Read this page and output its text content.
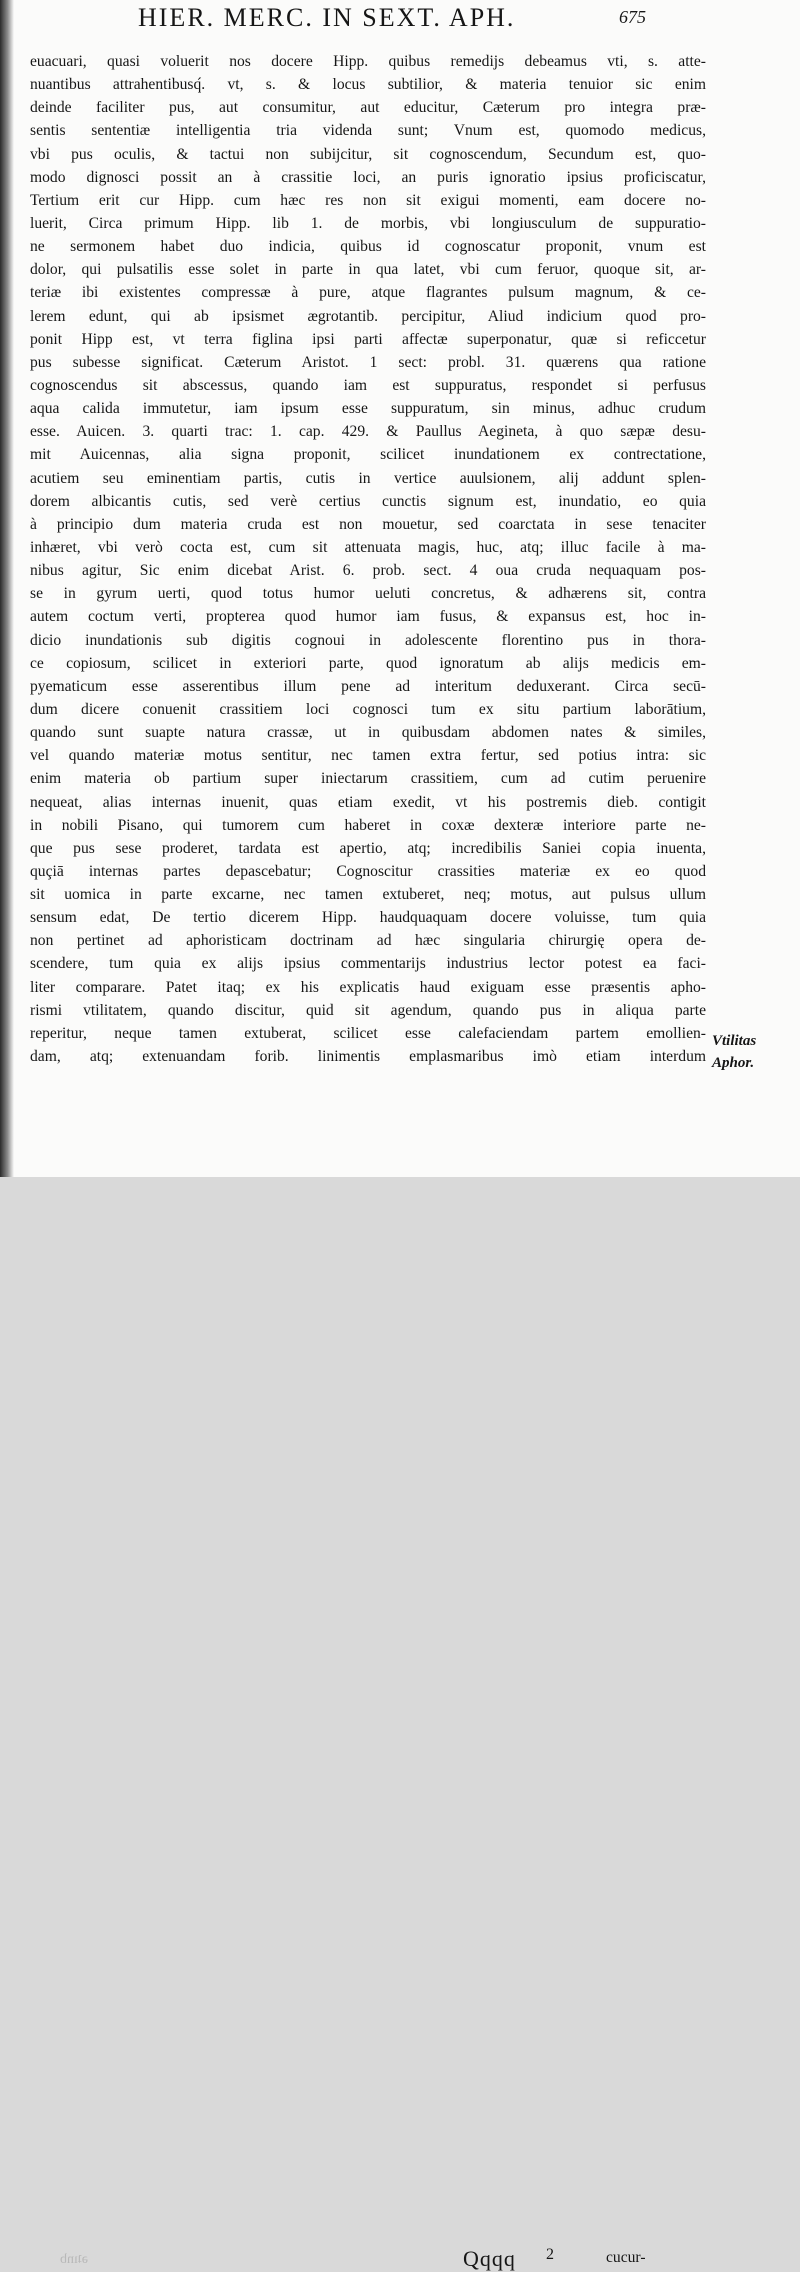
HIER. MERC. IN SEXT. APH.	675
euacuari, quasi voluerit nos docere Hipp. quibus remedijs debeamus vti, s. atte-
nuantibus attrahentibusq́. vt, s. & locus subtilior, & materia tenuior sic enim
deinde faciliter pus, aut consumitur, aut educitur, Cæterum pro integra præ-
sentis sententiæ intelligentia tria videnda sunt; Vnum est, quomodo medicus,
vbi pus oculis, & tactui non subijcitur, sit cognoscendum, Secundum est, quo-
modo dignosci possit an à crassitie loci, an puris ignoratio ipsius proficiscatur,
Tertium erit cur Hipp. cum hæc res non sit exigui momenti, eam docere no-
luerit, Circa primum Hipp. lib 1. de morbis, vbi longiusculum de suppuratio-
ne sermonem habet duo indicia, quibus id cognoscatur proponit, vnum est
dolor, qui pulsatilis esse solet in parte in qua latet, vbi cum feruor, quoque sit, ar-
teriæ ibi existentes compressæ à pure, atque flagrantes pulsum magnum, & ce-
lerem edunt, qui ab ipsismet ægrotantib. percipitur, Aliud indicium quod pro-
ponit Hipp est, vt terra figlina ipsi parti affectæ superponatur, quæ si reficcetur
pus subesse significat. Cæterum Aristot. 1 sect: probl. 31. quærens qua ratione
cognoscendus sit abscessus, quando iam est suppuratus, respondet si perfusus
aqua calida immutetur, iam ipsum esse suppuratum, sin minus, adhuc crudum
esse. Auicen. 3. quarti trac: 1. cap. 429. & Paullus Aegineta, à quo sæpæ desu-
mit Auicennas, alia signa proponit, scilicet inundationem ex contrectatione,
acutiem seu eminentiam partis, cutis in vertice auulsionem, alij addunt splen-
dorem albicantis cutis, sed verè certius cunctis signum est, inundatio, eo quia
à principio dum materia cruda est non mouetur, sed coarctata in sese tenaciter
inhæret, vbi verò cocta est, cum sit attenuata magis, huc, atq; illuc facile à ma-
nibus agitur, Sic enim dicebat Arist. 6. prob. sect. 4 oua cruda nequaquam pos-
se in gyrum uerti, quod totus humor ueluti concretus, & adhærens sit, contra
autem coctum verti, propterea quod humor iam fusus, & expansus est, hoc in-
dicio inundationis sub digitis cognoui in adolescente florentino pus in thora-
ce copiosum, scilicet in exteriori parte, quod ignoratum ab alijs medicis em-
pyematicum esse asserentibus illum pene ad interitum deduxerant. Circa secū-
dum dicere conuenit crassitiem loci cognosci tum ex situ partium laborātium,
quando sunt suapte natura crassæ, ut in quibusdam abdomen nates & similes,
vel quando materiæ motus sentitur, nec tamen extra fertur, sed potius intra: sic
enim materia ob partium super iniectarum crassitiem, cum ad cutim peruenire
nequeat, alias internas inuenit, quas etiam exedit, vt his postremis dieb. contigit
in nobili Pisano, qui tumorem cum haberet in coxæ dexteræ interiore parte ne-
que pus sese proderet, tardata est apertio, atq; incredibilis Saniei copia inuenta,
quçiā internas partes depascebatur; Cognoscitur crassities materiæ ex eo quod
sit uomica in parte excarne, nec tamen extuberet, neq; motus, aut pulsus ullum
sensum edat, De tertio dicerem Hipp. haudquaquam docere voluisse, tum quia
non pertinet ad aphoristicam doctrinam ad hæc singularia chirurgię opera de-
scendere, tum quia ex alijs ipsius commentarijs industrius lector potest ea faci-
liter comparare. Patet itaq; ex his explicatis haud exiguam esse præsentis apho-
rismi vtilitatem, quando discitur, quid sit agendum, quando pus in aliqua parte
reperitur, neque tamen extuberat, scilicet esse calefaciendam partem emollien-
dam, atq; extenuandam forib. linimentis emplasmaribus imò etiam interdum
Vtilitas
Aphor.

ǝʇınb	Qqqq 2	cucur-
